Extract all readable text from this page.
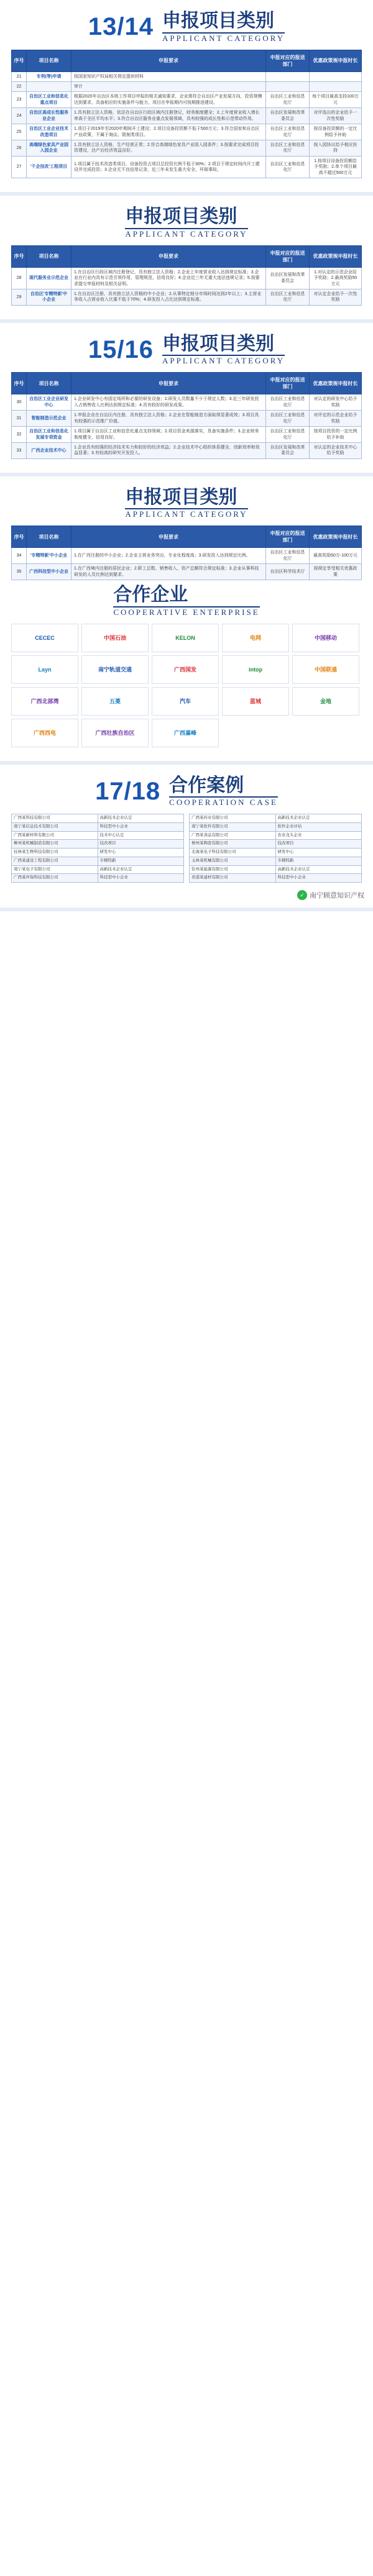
13/14 申报项目类别
APPLICANT CATEGORY
序号	项目名称	申报要求	申报对应的报送部门	优惠政策规申报时长
21	专利(等)申请	按国家知识产权局相关规定提供材料		
22		审计		
23	自治区工业和信息化重点项目	根据2020年自治区本级工作项目申报的相关通知要求，企业需符合自治区产业发展方向，投资规模达到要求，具备相应的实施条件与能力，项目在申报期内可按期推进建设。	自治区工业和信息化厅	每个项目最高支持100万元
24	自治区高成长性服务业企业	1.具有独立法人资格，依法在自治区行政区域内注册登记，财务制度健全；2.上年度营业收入增长率高于全区平均水平；3.符合自治区服务业重点发展领域，具有较强的成长性和示范带动作用。	自治区发展和改革委员会	对评选出的企业给予一次性奖励
25	自治区工业企业技术改造项目	1.项目于2019年至2020年期间开工建设；2.项目设备投资额不低于500万元；3.符合国家和自治区产业政策，不属于淘汰、限制类项目。	自治区工业和信息化厅	按设备投资额的一定比例给予补助
26	高端绿色家具产业园入园企业	1.具有独立法人资格，生产经营正常；2.符合高端绿色家具产业园入园条件；3.按要求完成项目投资建设，达产后经济效益良好。	自治区工业和信息化厅	按入园协议给予相应扶持
27	'千企技改'工程项目	1.项目属于技术改造类项目，设备投资占项目总投资比例不低于30%；2.项目于规定时间内开工建设并完成投资；3.企业无不良信用记录，近三年未发生重大安全、环保事故。	自治区工业和信息化厅	1.按项目设备投资额给予奖励；2.单个项目最高不超过500万元
申报项目类别
APPLICANT CATEGORY
序号	项目名称	申报要求	申报对应的报送部门	优惠政策规申报时长
28	现代服务业示范企业	1.在自治区行政区域内注册登记，具有独立法人资格；2.企业上年度营业收入达到规定标准；3.企业在行业内具有示范引领作用，管理规范，信用良好；4.企业近三年无重大违法违规记录；5.按要求提交申报材料及相关证明。	自治区发展和改革委员会	1.对认定的示范企业给予奖励；2.最高奖励50万元
29	自治区'专精特新'中小企业	1.在自治区注册、具有独立法人资格的中小企业；2.从事特定细分市场时间达到2年以上；3.主营业务收入占营业收入比重不低于70%；4.研发投入占比达到规定标准。	自治区工业和信息化厅	对认定企业给予一次性奖励
15/16 申报项目类别
APPLICANT CATEGORY
序号	项目名称	申报要求	申报对应的报送部门	优惠政策规申报时长
30	自治区工业企业研发中心	1.企业研发中心有固定场所和必要的研发设备；2.研发人员数量不少于规定人数；3.近三年研发投入占销售收入比例达到规定标准；4.具有较好的研发成果。	自治区工业和信息化厅	对认定的研发中心给予奖励
31	智能制造示范企业	1.申报企业在自治区内注册，具有独立法人资格；2.企业在智能制造方面取得显著成效；3.项目具有较强的示范推广价值。	自治区工业和信息化厅	对评定的示范企业给予奖励
32	自治区工业和信息化发展专项资金	1.项目属于自治区工业和信息化重点支持领域；2.项目资金来源落实，具备实施条件；3.企业财务制度健全，信用良好。	自治区工业和信息化厅	按项目投资的一定比例给予补助
33	广西企业技术中心	1.企业具有较强的经济技术实力和较好的经济效益；2.企业技术中心组织体系健全，创新效率和效益显著；3.有较高的研究开发投入。	自治区发展和改革委员会	对认定的企业技术中心给予奖励
申报项目类别
APPLICANT CATEGORY
序号	项目名称	申报要求	申报对应的报送部门	优惠政策规申报时长
34	'专精特新'中小企业	1.在广西注册的中小企业；2.企业主营业务突出，专业化程度高；3.研发投入达到规定比例。	自治区工业和信息化厅	最高奖励50万-100万元
35	广西科技型中小企业	1.在广西境内注册的居民企业；2.职工总数、销售收入、资产总额符合规定标准；3.企业从事科技研发的人员比例达到要求。	自治区科学技术厅	按规定享受相关优惠政策
合作企业
COOPERATIVE ENTERPRISE
CECEC	中国石油	KELON	电网	中国移动
Layn	南宁轨道交通	广西国发	intop	中国联通
广西北部湾	五菱	汽车	蓝城	金地
广西西电	广西壮族自治区	广西嘉峰
17/18 合作案例
COOPERATION CASE
广西某科技有限公司	高新技术企业认定
南宁某信息技术有限公司	科技型中小企业
广西某新材料有限公司	技术中心认定
柳州某机械制造有限公司	技改项目
桂林某生物科技有限公司	研发中心
广西某建设工程有限公司	专精特新
南宁某电子有限公司	高新技术企业认定
广西某环保科技有限公司	科技型中小企业
广西某药业有限公司	高新技术企业认定
南宁某软件有限公司	软件企业评估
广西某食品有限公司	农业龙头企业
梧州某陶瓷有限公司	技改项目
北海某电子科技有限公司	研发中心
玉林某机械有限公司	专精特新
钦州某能源有限公司	高新技术企业认定
贵港某建材有限公司	科技型中小企业
✓ 南宁顾意知识产权
